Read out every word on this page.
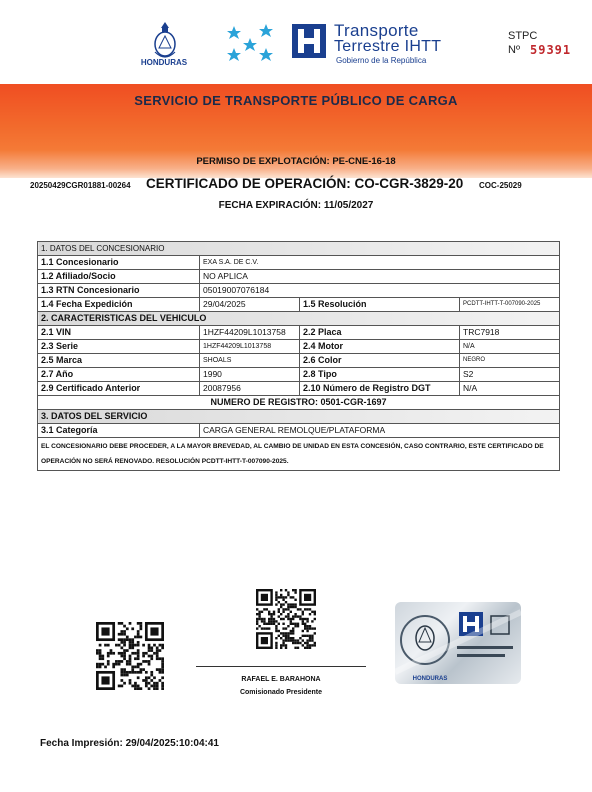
HONDURAS
Transporte
Terrestre IHTT
Gobierno de la República
STPC
Nº 59391
SERVICIO DE TRANSPORTE PÚBLICO DE CARGA
PERMISO DE EXPLOTACIÓN: PE-CNE-16-18
20250429CGR01881-00264 CERTIFICADO DE OPERACIÓN: CO-CGR-3829-20 COC-25029
FECHA EXPIRACIÓN: 11/05/2027
1. DATOS DEL CONCESIONARIO			
1.1 Concesionario	EXA S.A. DE C.V.		
1.2 Afiliado/Socio	NO APLICA		
1.3 RTN Concesionario	05019007076184		
1.4 Fecha Expedición	29/04/2025	1.5 Resolución	PCDTT-IHTT-T-007090-2025
2. CARACTERISTICAS DEL VEHICULO			
2.1 VIN	1HZF44209L1013758	2.2 Placa	TRC7918
2.3 Serie	1HZF44209L1013758	2.4 Motor	N/A
2.5 Marca	SHOALS	2.6 Color	NEGRO
2.7 Año	1990	2.8 Tipo	S2
2.9 Certificado Anterior	20087956	2.10 Número de Registro DGT	N/A
NUMERO DE REGISTRO: 0501-CGR-1697			
3. DATOS DEL SERVICIO			
3.1 Categoría	CARGA GENERAL REMOLQUE/PLATAFORMA		
EL CONCESIONARIO DEBE PROCEDER, A LA MAYOR BREVEDAD, AL CAMBIO DE UNIDAD EN ESTA CONCESIÓN, CASO CONTRARIO, ESTE CERTIFICADO DE OPERACIÓN NO SERÁ RENOVADO. RESOLUCIÓN PCDTT-IHTT-T-007090-2025.			
RAFAEL E. BARAHONA
Comisionado Presidente
HONDURAS
Fecha Impresión: 29/04/2025:10:04:41
